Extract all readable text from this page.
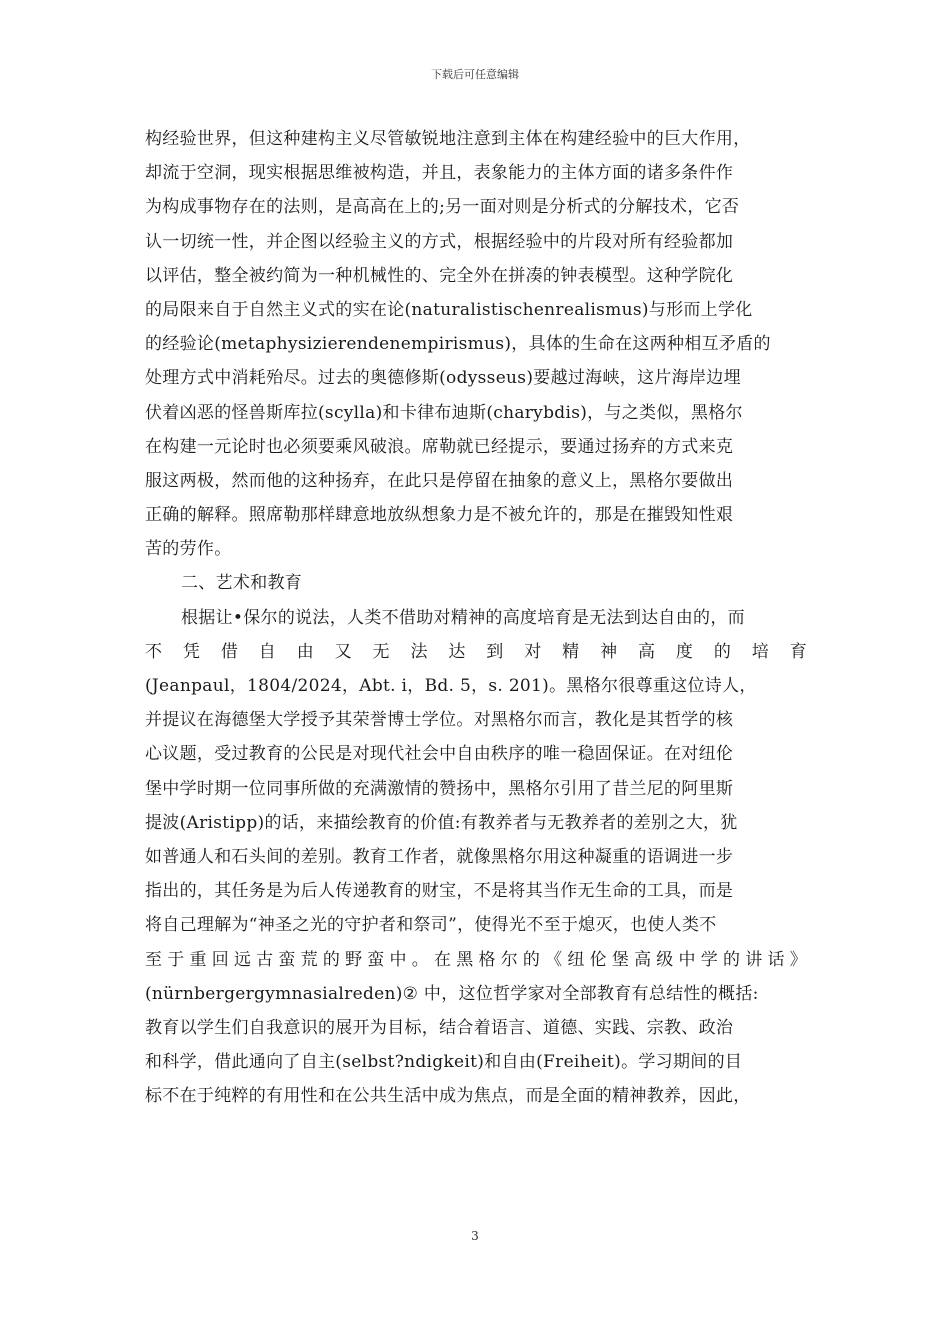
下载后可任意编辑
构经验世界，但这种建构主义尽管敏锐地注意到主体在构建经验中的巨大作用，
却流于空洞，现实根据思维被构造，并且，表象能力的主体方面的诸多条件作
为构成事物存在的法则，是高高在上的;另一面对则是分析式的分解技术，它否
认一切统一性，并企图以经验主义的方式，根据经验中的片段对所有经验都加
以评估，整全被约简为一种机械性的、完全外在拼凑的钟表模型。这种学院化
的局限来自于自然主义式的实在论(naturalistischenrealismus)与形而上学化
的经验论(metaphysizierendenempirismus)，具体的生命在这两种相互矛盾的
处理方式中消耗殆尽。过去的奥德修斯(odysseus)要越过海峡，这片海岸边埋
伏着凶恶的怪兽斯库拉(scylla)和卡律布迪斯(charybdis)，与之类似，黑格尔
在构建一元论时也必须要乘风破浪。席勒就已经提示，要通过扬弃的方式来克
服这两极，然而他的这种扬弃，在此只是停留在抽象的意义上，黑格尔要做出
正确的解释。照席勒那样肆意地放纵想象力是不被允许的，那是在摧毁知性艰
苦的劳作。
二、艺术和教育
根据让•保尔的说法，人类不借助对精神的高度培育是无法到达自由的，而
不凭借自由又无法达到对精神高度的培育
(Jeanpaul，1804/2024，Abt. i，Bd. 5，s. 201)。黑格尔很尊重这位诗人，
并提议在海德堡大学授予其荣誉博士学位。对黑格尔而言，教化是其哲学的核
心议题，受过教育的公民是对现代社会中自由秩序的唯一稳固保证。在对纽伦
堡中学时期一位同事所做的充满激情的赞扬中，黑格尔引用了昔兰尼的阿里斯
提波(Aristipp)的话，来描绘教育的价值:有教养者与无教养者的差别之大，犹
如普通人和石头间的差别。教育工作者，就像黑格尔用这种凝重的语调进一步
指出的，其任务是为后人传递教育的财宝，不是将其当作无生命的工具，而是
将自己理解为“神圣之光的守护者和祭司”，使得光不至于熄灭，也使人类不
至于重回远古蛮荒的野蛮中。在黑格尔的《纽伦堡高级中学的讲话》
(nürnbergergymnasialreden)② 中，这位哲学家对全部教育有总结性的概括:
教育以学生们自我意识的展开为目标，结合着语言、道德、实践、宗教、政治
和科学，借此通向了自主(selbst?ndigkeit)和自由(Freiheit)。学习期间的目
标不在于纯粹的有用性和在公共生活中成为焦点，而是全面的精神教养，因此，
3
